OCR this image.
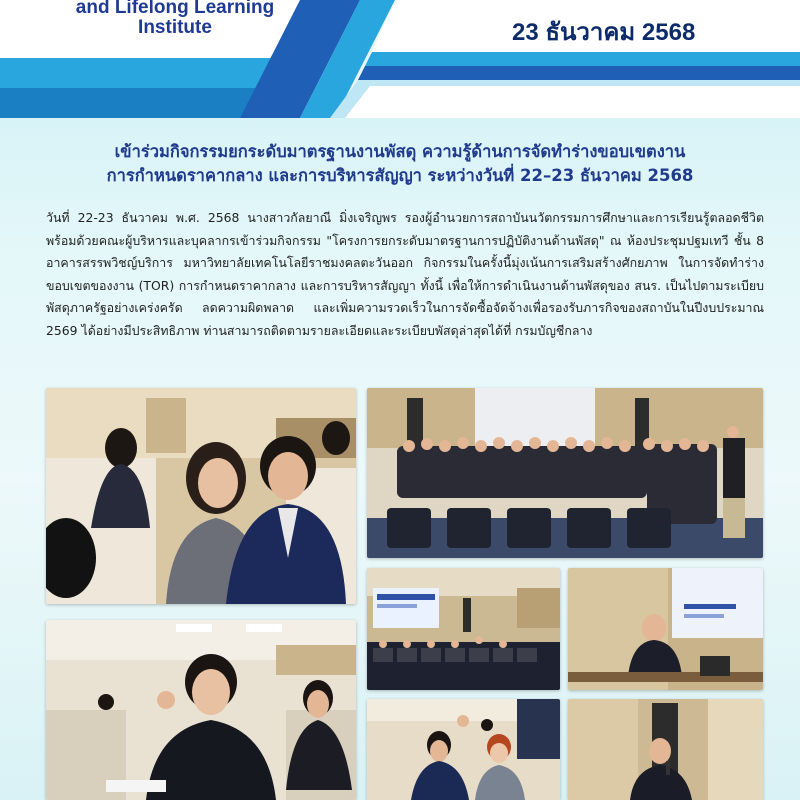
and Lifelong Learning
Institute	23 ธันวาคม 2568
เข้าร่วมกิจกรรมยกระดับมาตรฐานงานพัสดุ ความรู้ด้านการจัดทำร่างขอบเขตงาน
การกำหนดราคากลาง และการบริหารสัญญา ระหว่างวันที่ 22–23 ธันวาคม 2568
วันที่ 22-23 ธันวาคม พ.ศ. 2568 นางสาวกัลยาณี มิ่งเจริญพร รองผู้อำนวยการสถาบันนวัตกรรมการศึกษาและการเรียนรู้ตลอดชีวิต พร้อมด้วยคณะผู้บริหารและบุคลากรเข้าร่วมกิจกรรม "โครงการยกระดับมาตรฐานการปฏิบัติงานด้านพัสดุ" ณ ห้องประชุมปฐมเทวี ชั้น 8 อาคารสรรพวิชญ์บริการ มหาวิทยาลัยเทคโนโลยีราชมงคลตะวันออก กิจกรรมในครั้งนี้มุ่งเน้นการเสริมสร้างศักยภาพ ในการจัดทำร่างขอบเขตของงาน (TOR) การกำหนดราคากลาง และการบริหารสัญญา ทั้งนี้ เพื่อให้การดำเนินงานด้านพัสดุของ สนร. เป็นไปตามระเบียบพัสดุภาครัฐอย่างเคร่งครัด ลดความผิดพลาด และเพิ่มความรวดเร็วในการจัดซื้อจัดจ้างเพื่อรองรับภารกิจของสถาบันในปีงบประมาณ 2569 ได้อย่างมีประสิทธิภาพ ท่านสามารถติดตามรายละเอียดและระเบียบพัสดุล่าสุดได้ที่ กรมบัญชีกลาง
